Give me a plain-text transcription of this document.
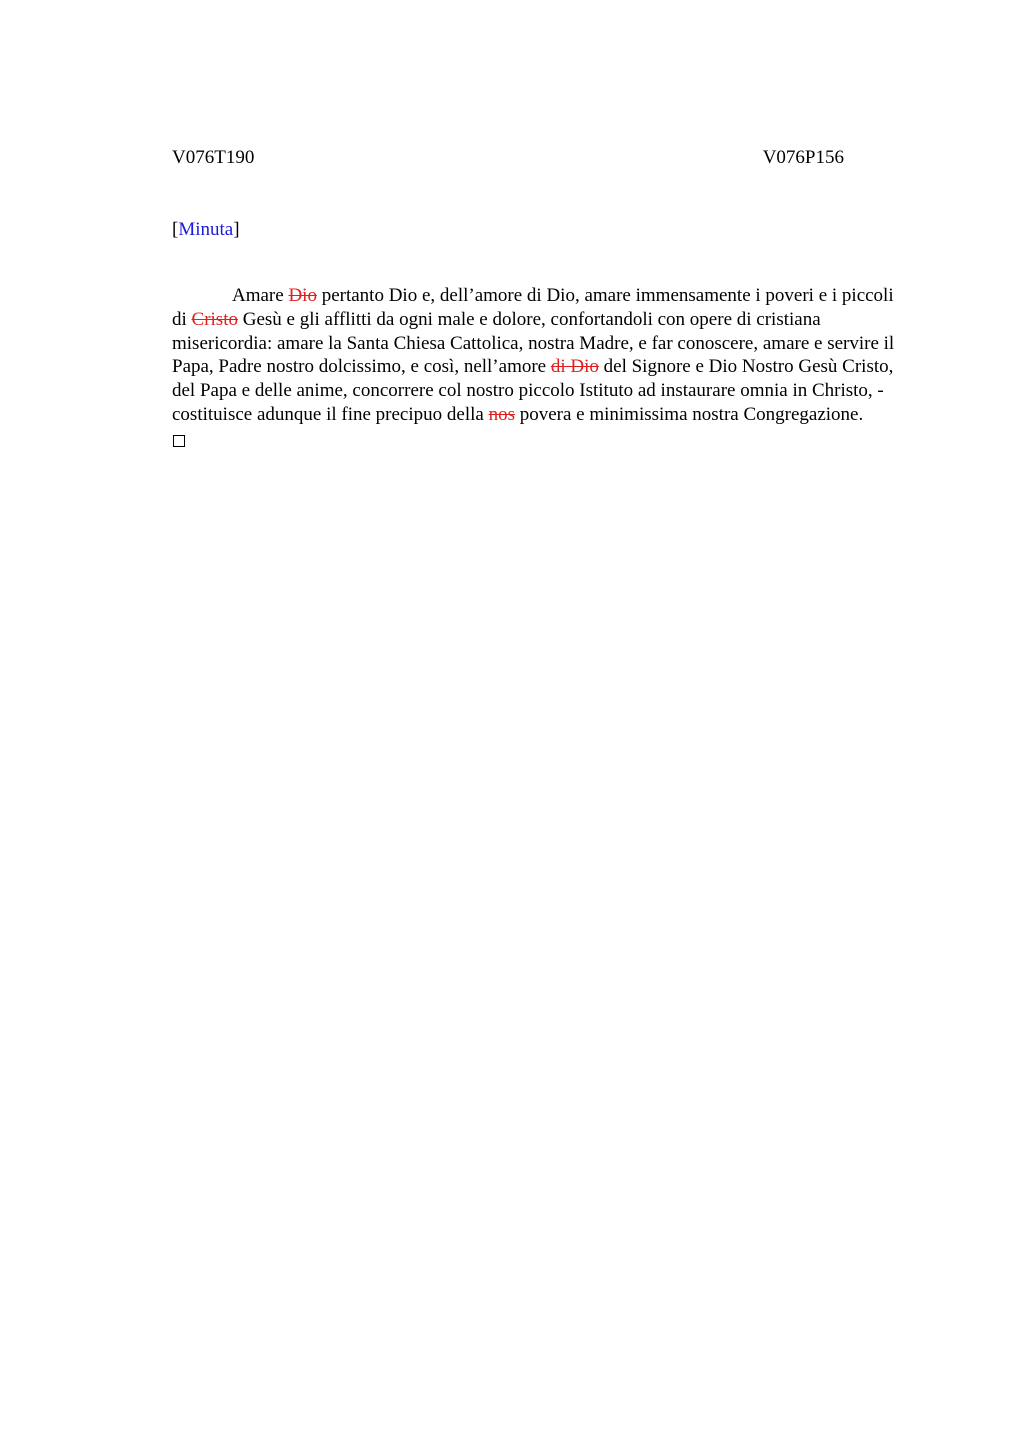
V076T190	V076P156
[Minuta]

Amare Dio pertanto Dio e, dell’amore di Dio, amare immensamente i poveri e i piccoli di Cristo Gesù e gli afflitti da ogni male e dolore, confortandoli con opere di cristiana misericordia: amare la Santa Chiesa Cattolica, nostra Madre, e far conoscere, amare e servire il Papa, Padre nostro dolcissimo, e così, nell’amore di Dio del Signore e Dio Nostro Gesù Cristo, del Papa e delle anime, concorrere col nostro piccolo Istituto ad instaurare omnia in Christo, - costituisce adunque il fine precipuo della nos povera e minimissima nostra Congregazione.
